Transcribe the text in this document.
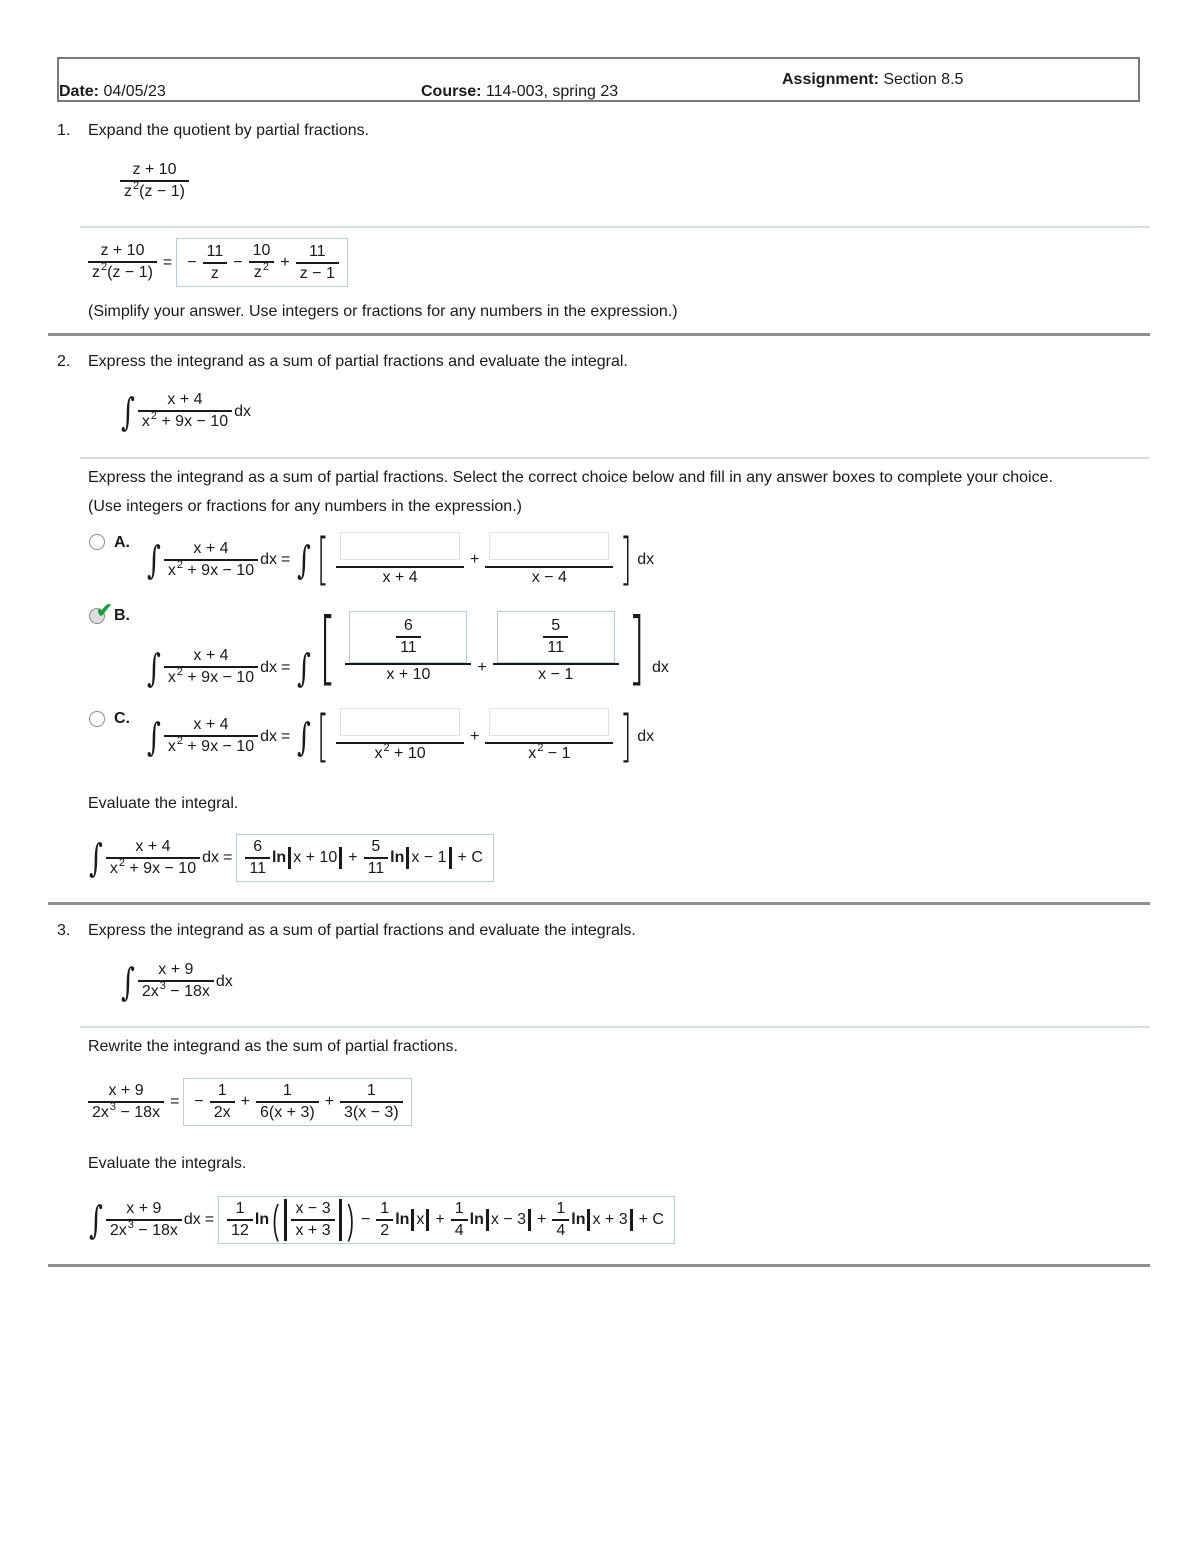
Date: 04/05/23	Course: 114-003, spring 23
Assignment: Section 8.5
1. Expand the quotient by partial fractions.
$\frac{z + 10}{z^2(z - 1)}$
$\frac{z + 10}{z^2(z - 1)}$ = − $\frac{11}{z} - \frac{10}{z^2} + \frac{11}{z - 1}$
(Simplify your answer. Use integers or fractions for any numbers in the expression.)
2. Express the integrand as a sum of partial fractions and evaluate the integral.
∫ $\frac{x + 4}{x^2 + 9x - 10}$ dx
Express the integrand as a sum of partial fractions. Select the correct choice below and fill in any answer boxes to complete your choice.
(Use integers or fractions for any numbers in the expression.)
A. ∫ $\frac{x + 4}{x^2 + 9x - 10}$ dx = ∫ [	x + 4
+
x − 4 ] dx
✔ B.
∫ $\frac{x + 4}{x^2 + 9x - 10}$ dx = ∫ [ $\frac{\frac{6}{11}}{x + 10} + \frac{\frac{5}{11}}{x - 1}$ ] dx
C. ∫ $\frac{x + 4}{x^2 + 9x - 10}$ dx = ∫ [	$x^2 + 10$
+
$x^2 - 1$ ] dx
Evaluate the integral.
∫ $\frac{x + 4}{x^2 + 9x - 10}$ dx = $\frac{6}{11}$ $\ln x + 10 + \frac{5}{11}$ ln x − 1 + C
3. Express the integrand as a sum of partial fractions and evaluate the integrals.
∫ $\frac{x + 9}{2x^3 - 18x}$ dx
Rewrite the integrand as the sum of partial fractions.
$\frac{x + 9}{2x^3 - 18x}$ = − $\frac{1}{2x} + \frac{1}{6(x + 3)} + \frac{1}{3(x - 3)}$
Evaluate the integrals.
∫ $\frac{x + 9}{2x^3 - 18x}$ dx = $\frac{1}{12}$ ln ( $\frac{x - 3}{x + 3}$ ) − $\frac{1}{2}$ $\ln x + \frac{1}{4}$ $\ln x - 3 + \frac{1}{4}$ ln x + 3 + C
